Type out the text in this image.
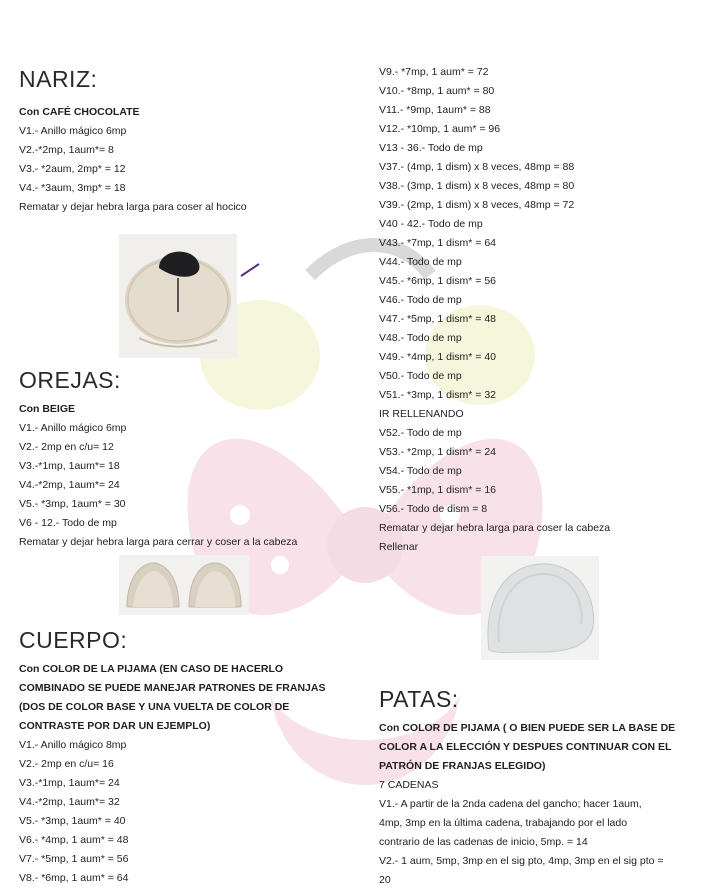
NARIZ:

Con CAFÉ CHOCOLATE

V1.- Anillo mágico 6mp
V2.-*2mp, 1aum*= 8
V3.- *2aum, 2mp* = 12
V4.- *3aum, 3mp* = 18
Rematar y dejar hebra larga para coser al hocico
OREJAS:

Con BEIGE

V1.- Anillo mágico 6mp
V2.- 2mp en c/u= 12
V3.-*1mp, 1aum*= 18
V4.-*2mp, 1aum*= 24
V5.- *3mp, 1aum* = 30
V6 - 12.- Todo de mp
Rematar y dejar hebra larga para cerrar y coser a la cabeza
CUERPO:
Con COLOR DE LA PIJAMA (EN CASO DE HACERLO
COMBINADO SE PUEDE MANEJAR PATRONES DE FRANJAS
(DOS DE COLOR BASE Y UNA VUELTA DE COLOR DE
CONTRASTE POR DAR UN EJEMPLO)
V1.- Anillo mágico 8mp
V2.- 2mp en c/u= 16
V3.-*1mp, 1aum*= 24
V4.-*2mp, 1aum*= 32
V5.- *3mp, 1aum* = 40
V6.- *4mp, 1 aum* = 48
V7.- *5mp, 1 aum* = 56
V8.- *6mp, 1 aum* = 64
V9.- *7mp, 1 aum* = 72
V10.- *8mp, 1 aum* = 80
V11.- *9mp, 1aum* = 88
V12.- *10mp, 1 aum* = 96
V13 - 36.- Todo de mp
V37.- (4mp, 1 dism) x 8 veces, 48mp = 88
V38.- (3mp, 1 dism) x 8 veces, 48mp = 80
V39.- (2mp, 1 dism) x 8 veces, 48mp = 72
V40 - 42.- Todo de mp
V43.- *7mp, 1 dism* = 64
V44.- Todo de mp
V45.- *6mp, 1 dism* = 56
V46.- Todo de mp
V47.- *5mp, 1 dism* = 48
V48.- Todo de mp
V49.- *4mp, 1 dism* = 40
V50.- Todo de mp
V51.- *3mp, 1 dism* = 32
IR RELLENANDO
V52.- Todo de mp
V53.- *2mp, 1 dism* = 24
V54.- Todo de mp
V55.- *1mp, 1 dism* = 16
V56.- Todo de dism = 8
Rematar y dejar hebra larga para coser la cabeza
Rellenar
PATAS:
Con COLOR DE PIJAMA ( O BIEN PUEDE SER LA BASE DE
COLOR A LA ELECCIÓN Y DESPUES CONTINUAR CON EL
PATRÓN DE FRANJAS ELEGIDO)
7 CADENAS
V1.- A partir de la 2nda cadena del gancho; hacer 1aum,
4mp, 3mp en la última cadena, trabajando por el lado
contrario de las cadenas de inicio, 5mp. = 14
V2.- 1 aum, 5mp, 3mp en el sig pto, 4mp, 3mp en el sig pto =
20
